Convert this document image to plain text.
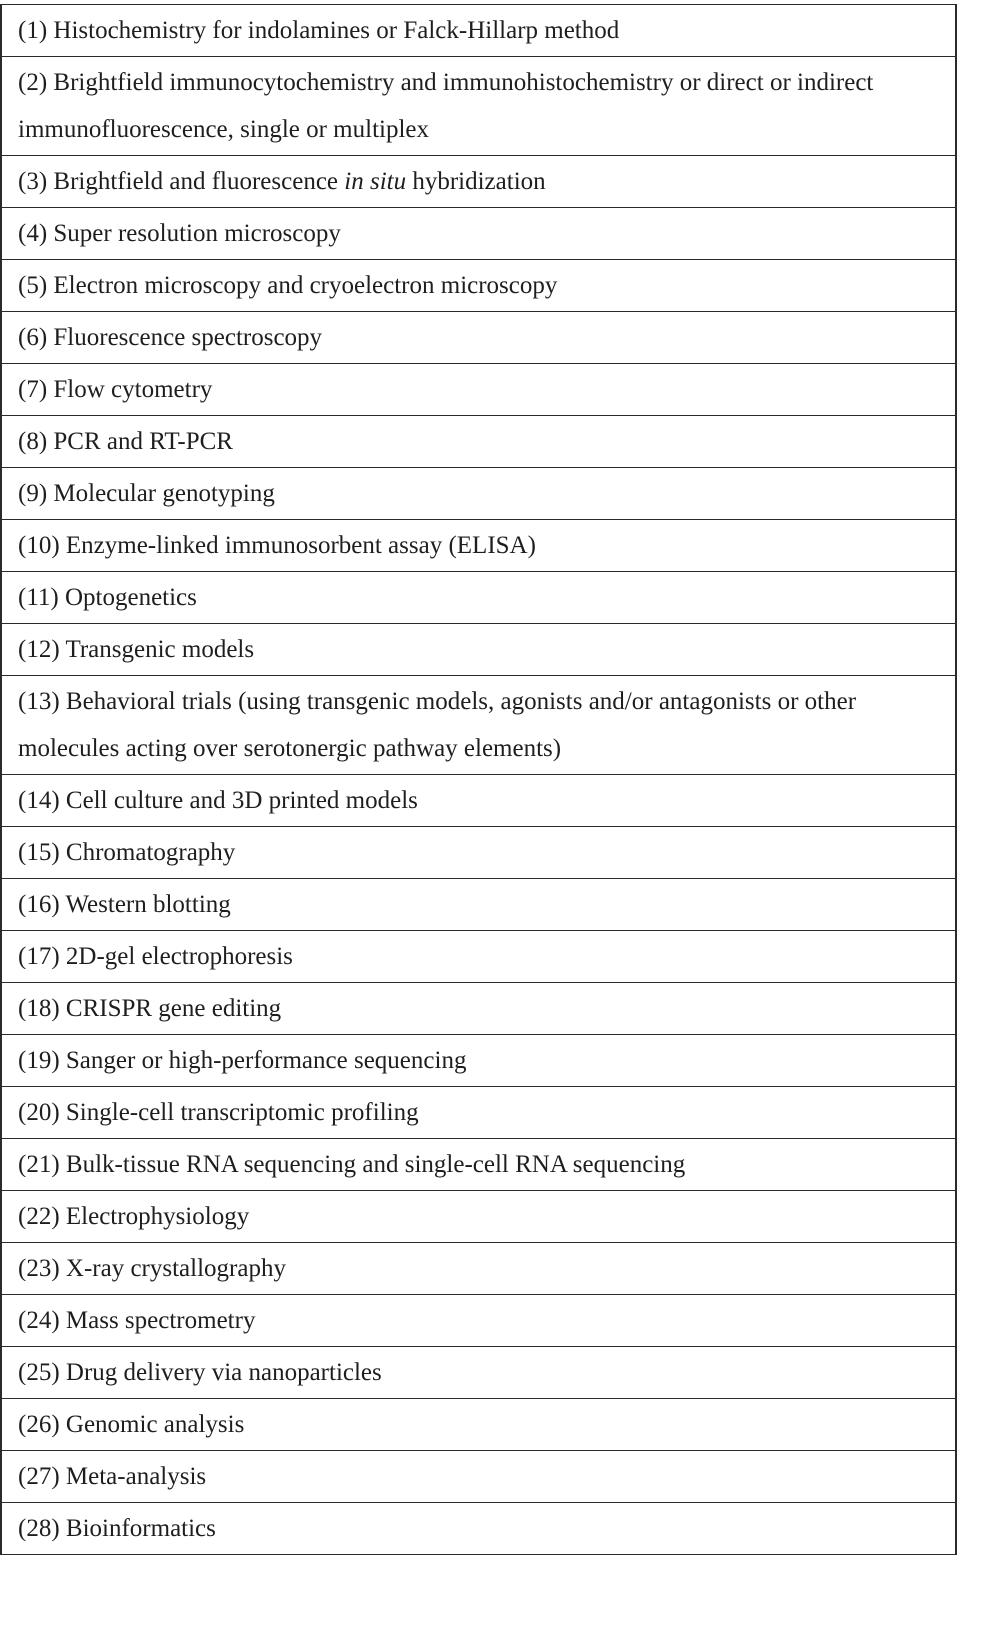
(1) Histochemistry for indolamines or Falck-Hillarp method
(2) Brightfield immunocytochemistry and immunohistochemistry or direct or indirect immunofluorescence, single or multiplex
(3) Brightfield and fluorescence in situ hybridization
(4) Super resolution microscopy
(5) Electron microscopy and cryoelectron microscopy
(6) Fluorescence spectroscopy
(7) Flow cytometry
(8) PCR and RT-PCR
(9) Molecular genotyping
(10) Enzyme-linked immunosorbent assay (ELISA)
(11) Optogenetics
(12) Transgenic models
(13) Behavioral trials (using transgenic models, agonists and/or antagonists or other molecules acting over serotonergic pathway elements)
(14) Cell culture and 3D printed models
(15) Chromatography
(16) Western blotting
(17) 2D-gel electrophoresis
(18) CRISPR gene editing
(19) Sanger or high-performance sequencing
(20) Single-cell transcriptomic profiling
(21) Bulk-tissue RNA sequencing and single-cell RNA sequencing
(22) Electrophysiology
(23) X-ray crystallography
(24) Mass spectrometry
(25) Drug delivery via nanoparticles
(26) Genomic analysis
(27) Meta-analysis
(28) Bioinformatics
